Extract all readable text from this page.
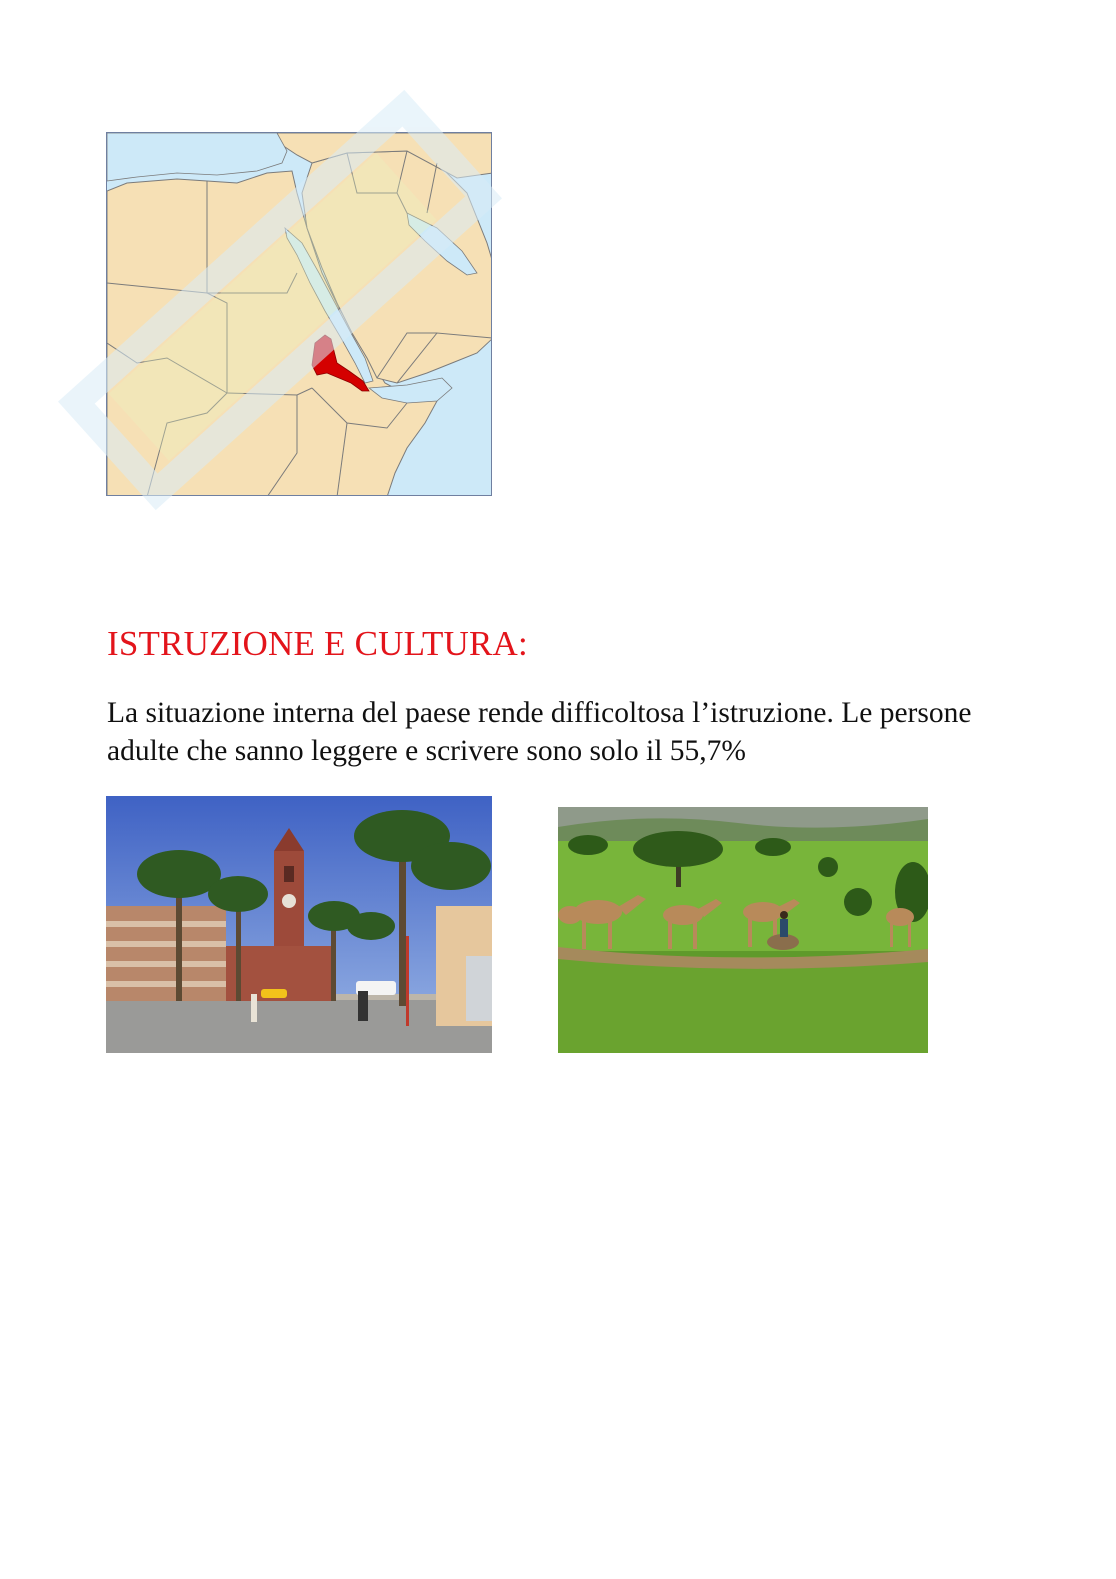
ISTRUZIONE E CULTURA:

La situazione interna del paese rende difficoltosa l’istruzione. Le persone adulte che sanno leggere e scrivere sono solo il 55,7%
